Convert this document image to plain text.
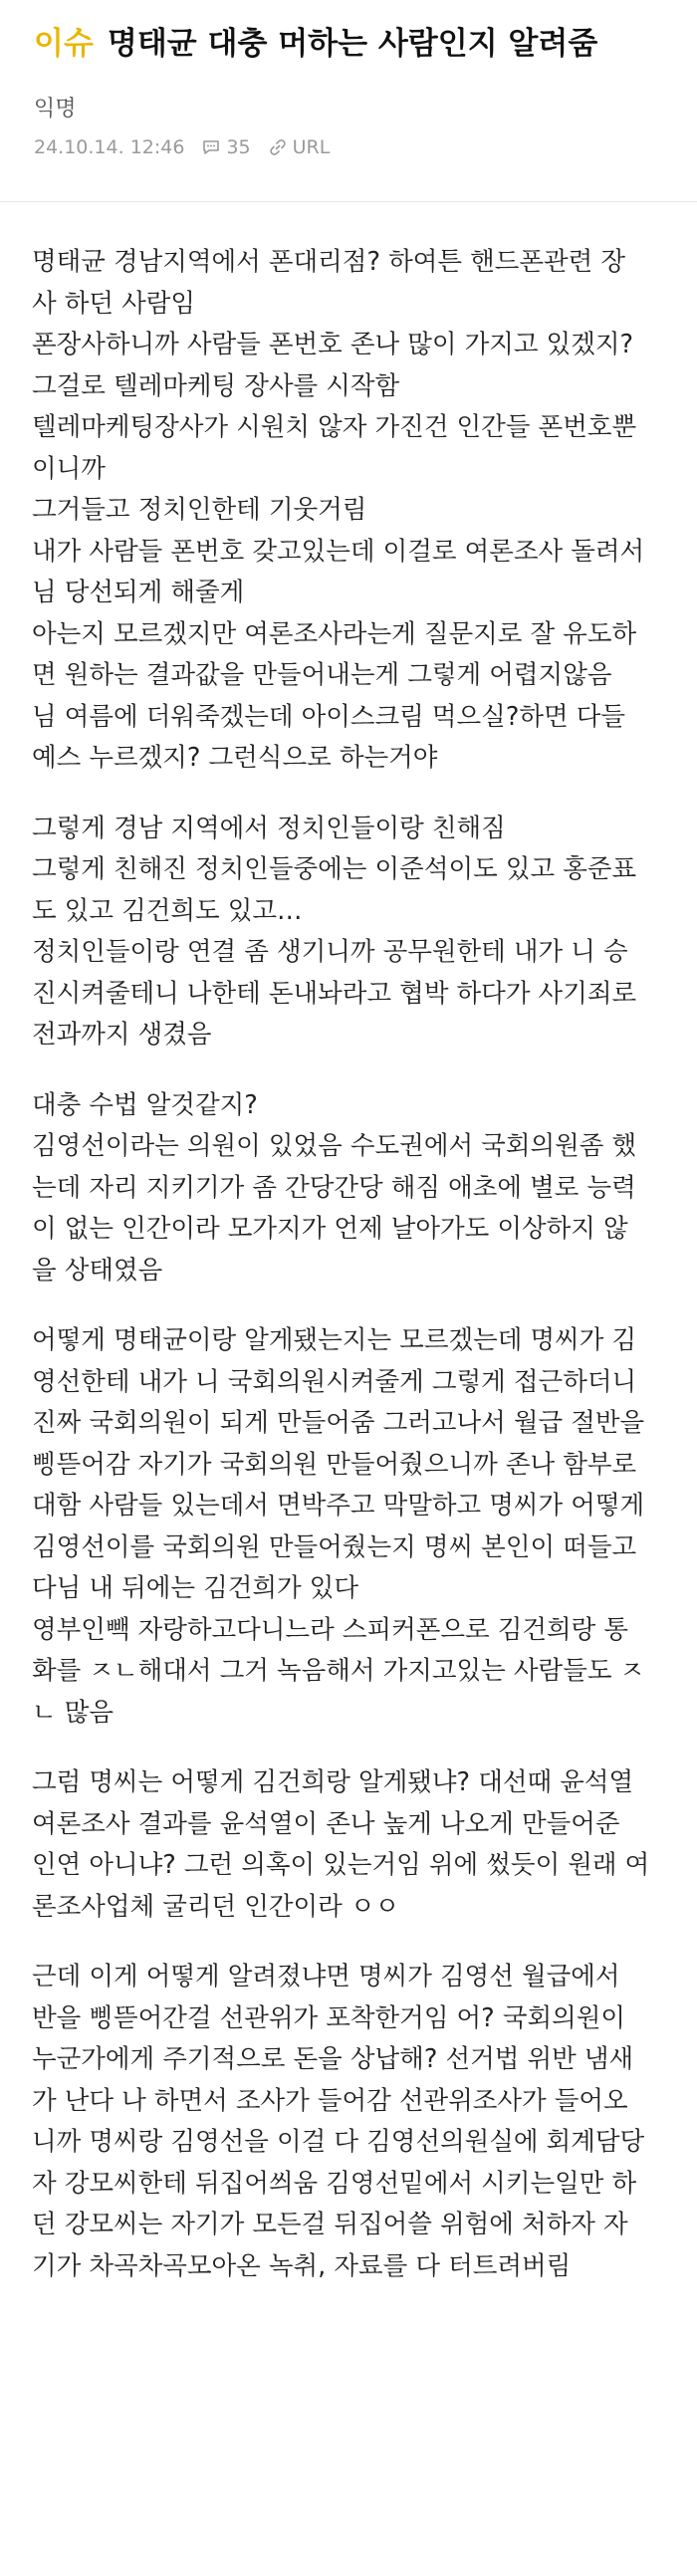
이슈 명태균 대충 머하는 사람인지 알려줌
익명
24.10.14. 12:46 35 URL
명태균 경남지역에서 폰대리점? 하여튼 핸드폰관련 장
사 하던 사람임
폰장사하니까 사람들 폰번호 존나 많이 가지고 있겠지?
그걸로 텔레마케팅 장사를 시작함
텔레마케팅장사가 시원치 않자 가진건 인간들 폰번호뿐
이니까
그거들고 정치인한테 기웃거림
내가 사람들 폰번호 갖고있는데 이걸로 여론조사 돌려서
님 당선되게 해줄게
아는지 모르겠지만 여론조사라는게 질문지로 잘 유도하
면 원하는 결과값을 만들어내는게 그렇게 어렵지않음
님 여름에 더워죽겠는데 아이스크림 먹으실?하면 다들
예스 누르겠지? 그런식으로 하는거야
그렇게 경남 지역에서 정치인들이랑 친해짐
그렇게 친해진 정치인들중에는 이준석이도 있고 홍준표
도 있고 김건희도 있고…
정치인들이랑 연결 좀 생기니까 공무원한테 내가 니 승
진시켜줄테니 나한테 돈내놔라고 협박 하다가 사기죄로
전과까지 생겼음
대충 수법 알것같지?
김영선이라는 의원이 있었음 수도권에서 국회의원좀 했
는데 자리 지키기가 좀 간당간당 해짐 애초에 별로 능력
이 없는 인간이라 모가지가 언제 날아가도 이상하지 않
을 상태였음
어떻게 명태균이랑 알게됐는지는 모르겠는데 명씨가 김
영선한테 내가 니 국회의원시켜줄게 그렇게 접근하더니
진짜 국회의원이 되게 만들어줌 그러고나서 월급 절반을
삥뜯어감 자기가 국회의원 만들어줬으니까 존나 함부로
대함 사람들 있는데서 면박주고 막말하고 명씨가 어떻게
김영선이를 국회의원 만들어줬는지 명씨 본인이 떠들고
다님 내 뒤에는 김건희가 있다
영부인빽 자랑하고다니느라 스피커폰으로 김건희랑 통
화를 ㅈㄴ해대서 그거 녹음해서 가지고있는 사람들도 ㅈ
ㄴ 많음
그럼 명씨는 어떻게 김건희랑 알게됐냐? 대선때 윤석열
여론조사 결과를 윤석열이 존나 높게 나오게 만들어준
인연 아니냐? 그런 의혹이 있는거임 위에 썼듯이 원래 여
론조사업체 굴리던 인간이라 ㅇㅇ
근데 이게 어떻게 알려졌냐면 명씨가 김영선 월급에서
반을 삥뜯어간걸 선관위가 포착한거임 어? 국회의원이
누군가에게 주기적으로 돈을 상납해? 선거법 위반 냄새
가 난다 나 하면서 조사가 들어감 선관위조사가 들어오
니까 명씨랑 김영선을 이걸 다 김영선의원실에 회계담당
자 강모씨한테 뒤집어씌움 김영선밑에서 시키는일만 하
던 강모씨는 자기가 모든걸 뒤집어쓸 위험에 처하자 자
기가 차곡차곡모아온 녹취, 자료를 다 터트려버림
